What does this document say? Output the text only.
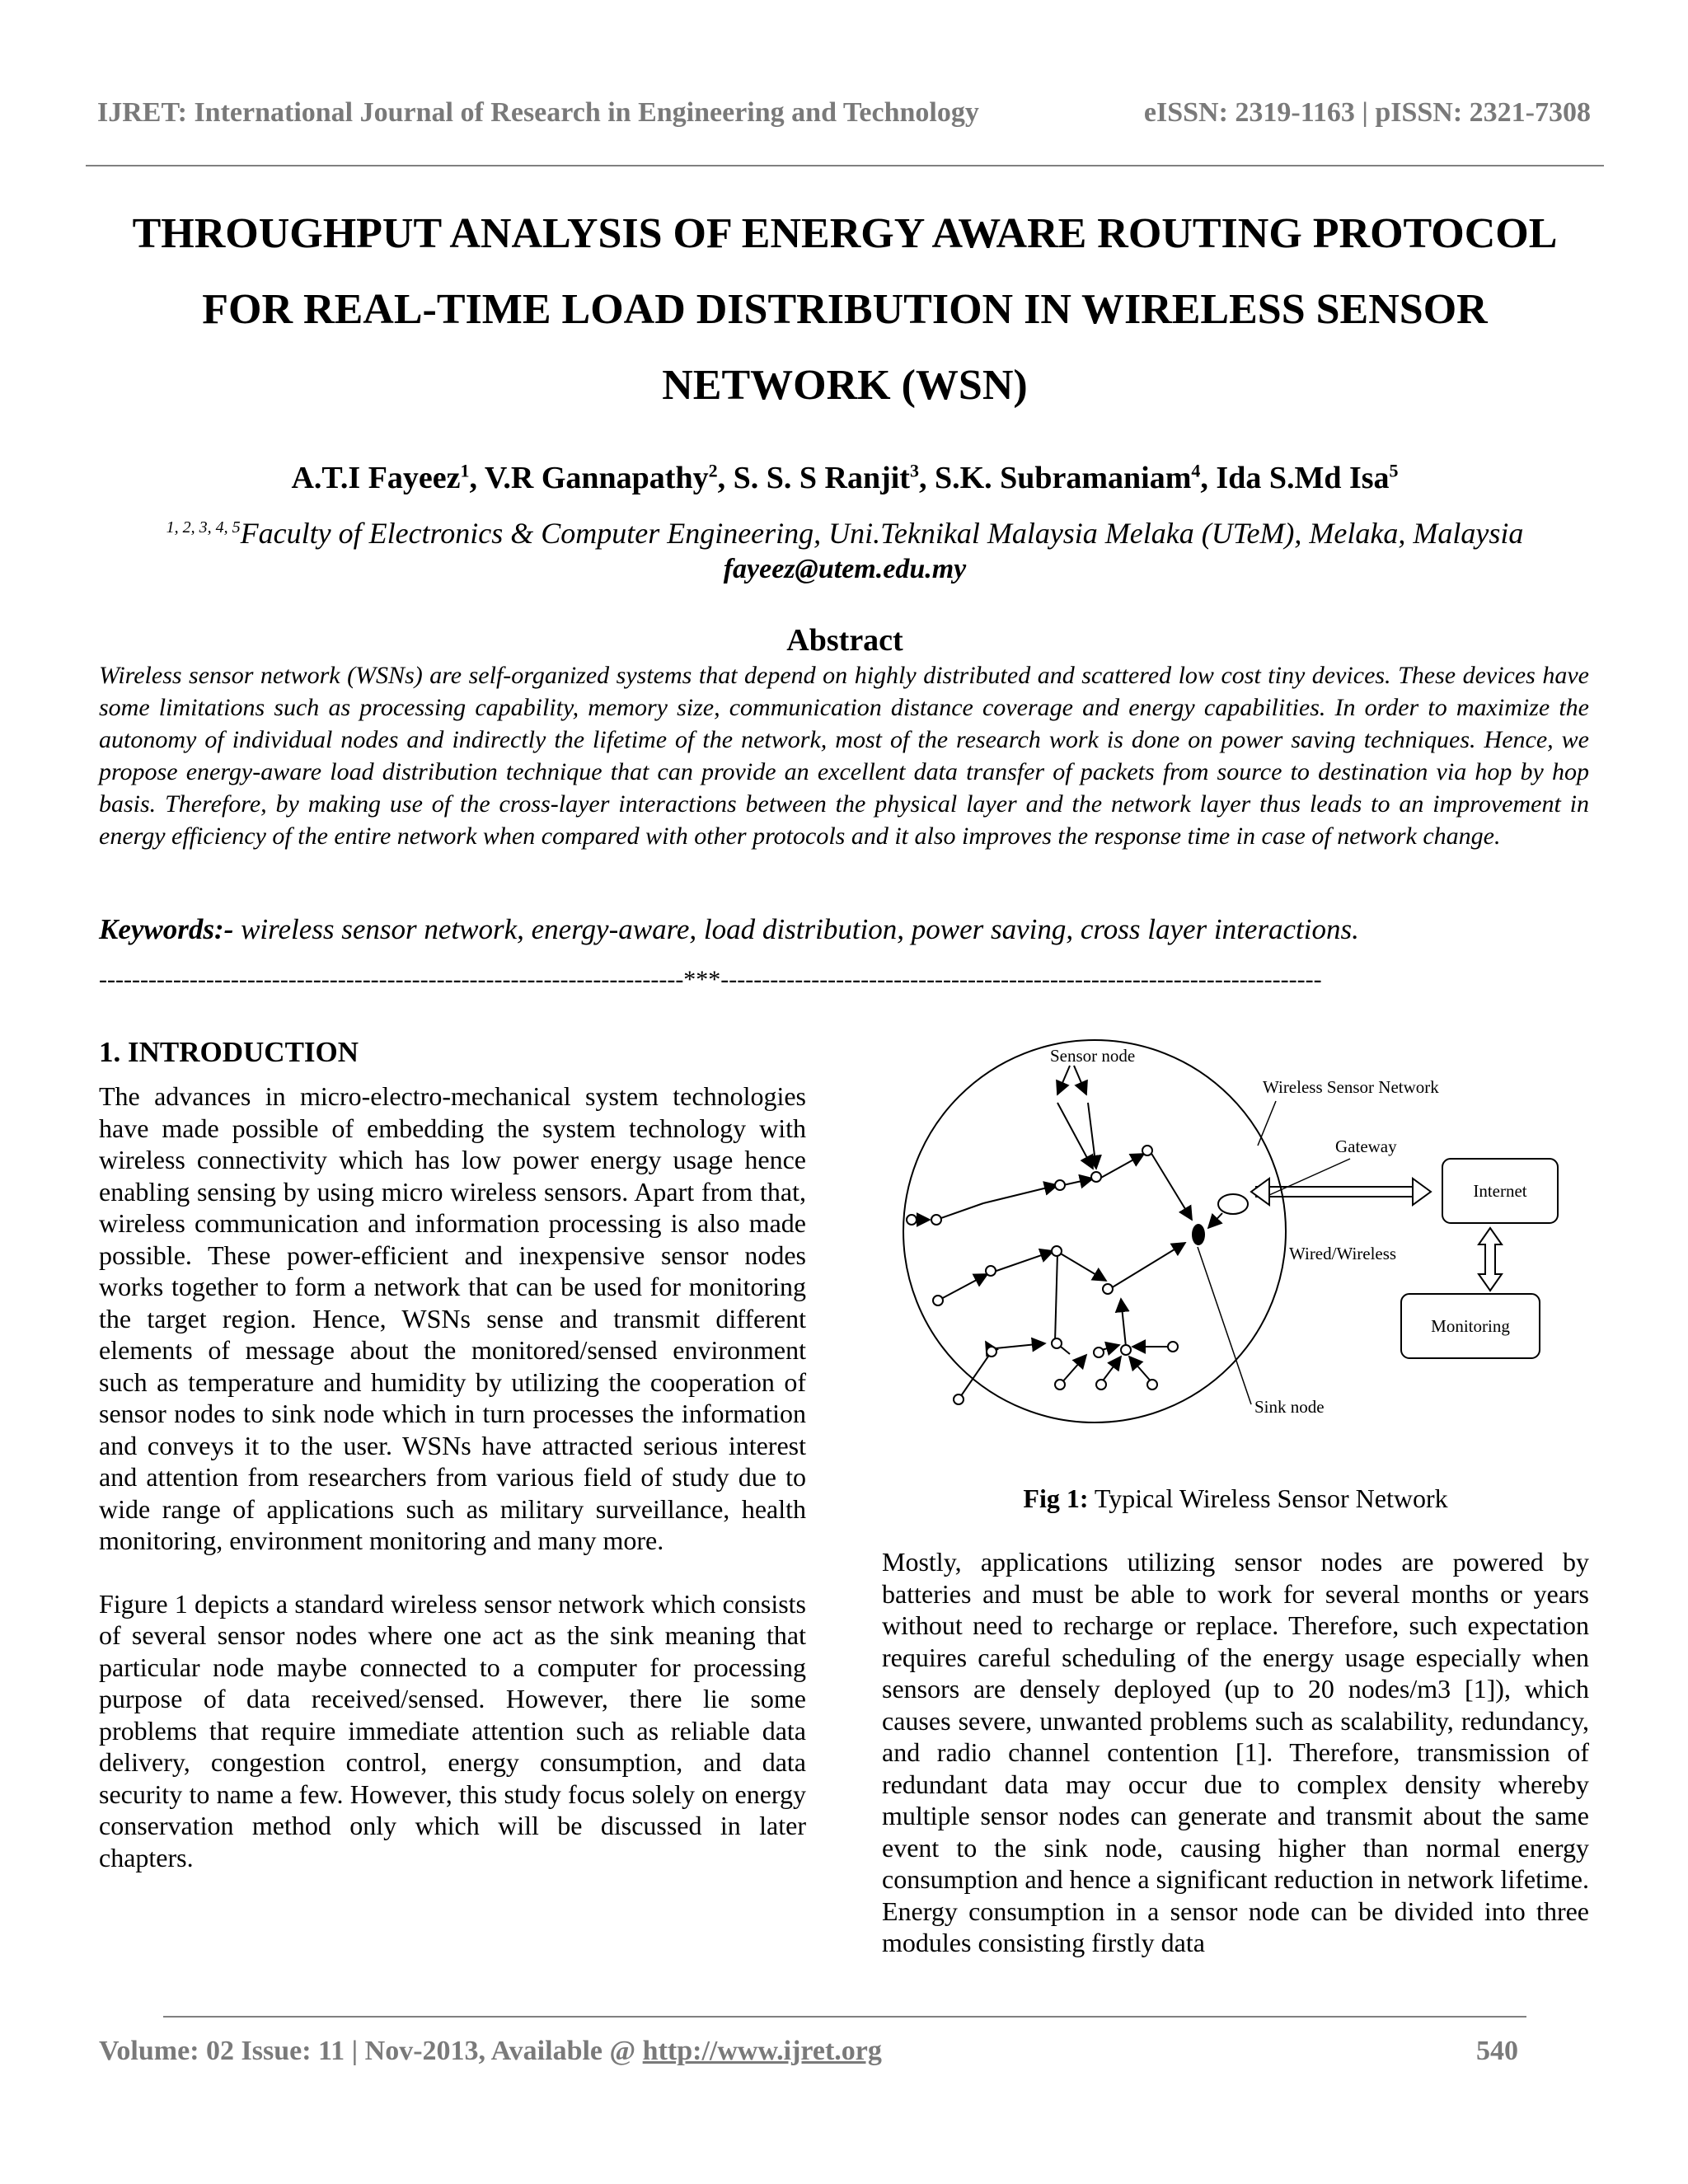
IJRET: International Journal of Research in Engineering and Technology	eISSN: 2319-1163 | pISSN: 2321-7308
THROUGHPUT ANALYSIS OF ENERGY AWARE ROUTING PROTOCOL
FOR REAL-TIME LOAD DISTRIBUTION IN WIRELESS SENSOR
NETWORK (WSN)
A.T.I Fayeez$^1$, V.R Gannapathy$^2$, S. S. S Ranjit$^3$, S.K. Subramaniam$^4$, Ida S.Md Isa$^5$
$^{1, 2, 3, 4, 5}$Faculty of Electronics & Computer Engineering, Uni.Teknikal Malaysia Melaka (UTeM), Melaka, Malaysia
fayeez@utem.edu.my
Abstract
Wireless sensor network (WSNs) are self-organized systems that depend on highly distributed and scattered low cost tiny devices. These devices have some limitations such as processing capability, memory size, communication distance coverage and energy capabilities. In order to maximize the autonomy of individual nodes and indirectly the lifetime of the network, most of the research work is done on power saving techniques. Hence, we propose energy-aware load distribution technique that can provide an excellent data transfer of packets from source to destination via hop by hop basis. Therefore, by making use of the cross-layer interactions between the physical layer and the network layer thus leads to an improvement in energy efficiency of the entire network when compared with other protocols and it also improves the response time in case of network change.
Keywords:- wireless sensor network, energy-aware, load distribution, power saving, cross layer interactions.
-----------------------------------------------------------------------***-------------------------------------------------------------------------
1. INTRODUCTION

The advances in micro-electro-mechanical system technologies have made possible of embedding the system technology with wireless connectivity which has low power energy usage hence enabling sensing by using micro wireless sensors. Apart from that, wireless communication and information processing is also made possible. These power-efficient and inexpensive sensor nodes works together to form a network that can be used for monitoring the target region. Hence, WSNs sense and transmit different elements of message about the monitored/sensed environment such as temperature and humidity by utilizing the cooperation of sensor nodes to sink node which in turn processes the information and conveys it to the user. WSNs have attracted serious interest and attention from researchers from various field of study due to wide range of applications such as military surveillance, health monitoring, environment monitoring and many more.

Figure 1 depicts a standard wireless sensor network which consists of several sensor nodes where one act as the sink meaning that particular node maybe connected to a computer for processing purpose of data received/sensed. However, there lie some problems that require immediate attention such as reliable data delivery, congestion control, energy consumption, and data security to name a few. However, this study focus solely on energy conservation method only which will be discussed in later chapters.

Sensor node
Wireless Sensor Network
Gateway
Wired/Wireless
Sink node
Internet
Monitoring
Fig 1: Typical Wireless Sensor Network

Mostly, applications utilizing sensor nodes are powered by batteries and must be able to work for several months or years without need to recharge or replace. Therefore, such expectation requires careful scheduling of the energy usage especially when sensors are densely deployed (up to 20 nodes/m3 [1]), which causes severe, unwanted problems such as scalability, redundancy, and radio channel contention [1]. Therefore, transmission of redundant data may occur due to complex density whereby multiple sensor nodes can generate and transmit about the same event to the sink node, causing higher than normal energy consumption and hence a significant reduction in network lifetime. Energy consumption in a sensor node can be divided into three modules consisting firstly data

Volume: 02 Issue: 11 | Nov-2013, Available @ http://www.ijret.org	540
